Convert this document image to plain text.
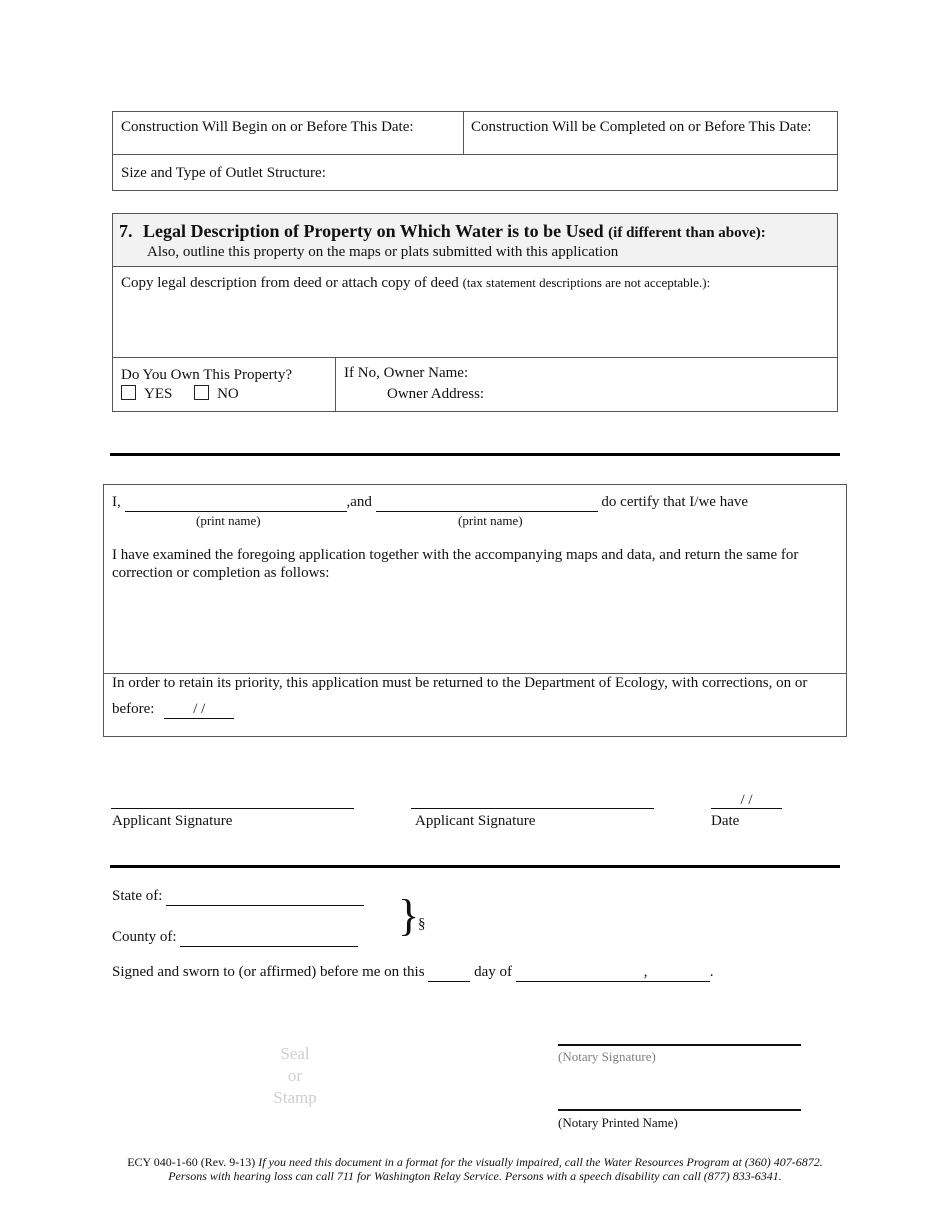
Construction Will Begin on or Before This Date:	Construction Will be Completed on or Before This Date:
Size and Type of Outlet Structure:
7. Legal Description of Property on Which Water is to be Used (if different than above):
Also, outline this property on the maps or plats submitted with this application
Copy legal description from deed or attach copy of deed (tax statement descriptions are not acceptable.):
Do You Own This Property?
YES	NO
If No, Owner Name:
Owner Address:
I,	,and	do certify that I/we have
(print name)	(print name)
I have examined the foregoing application together with the accompanying maps and data, and return the same for correction or completion as follows:
In order to retain its priority, this application must be returned to the Department of Ecology, with corrections, on or
before:	/ /
Applicant Signature	Applicant Signature
/ /
Date
State of:
County of:	}
§
Signed and sworn to (or affirmed) before me on this	day of	,	.
Seal
or
Stamp
(Notary Signature)
(Notary Printed Name)
ECY 040-1-60 (Rev. 9-13) If you need this document in a format for the visually impaired, call the Water Resources Program at (360) 407-6872.
Persons with hearing loss can call 711 for Washington Relay Service. Persons with a speech disability can call (877) 833-6341.
